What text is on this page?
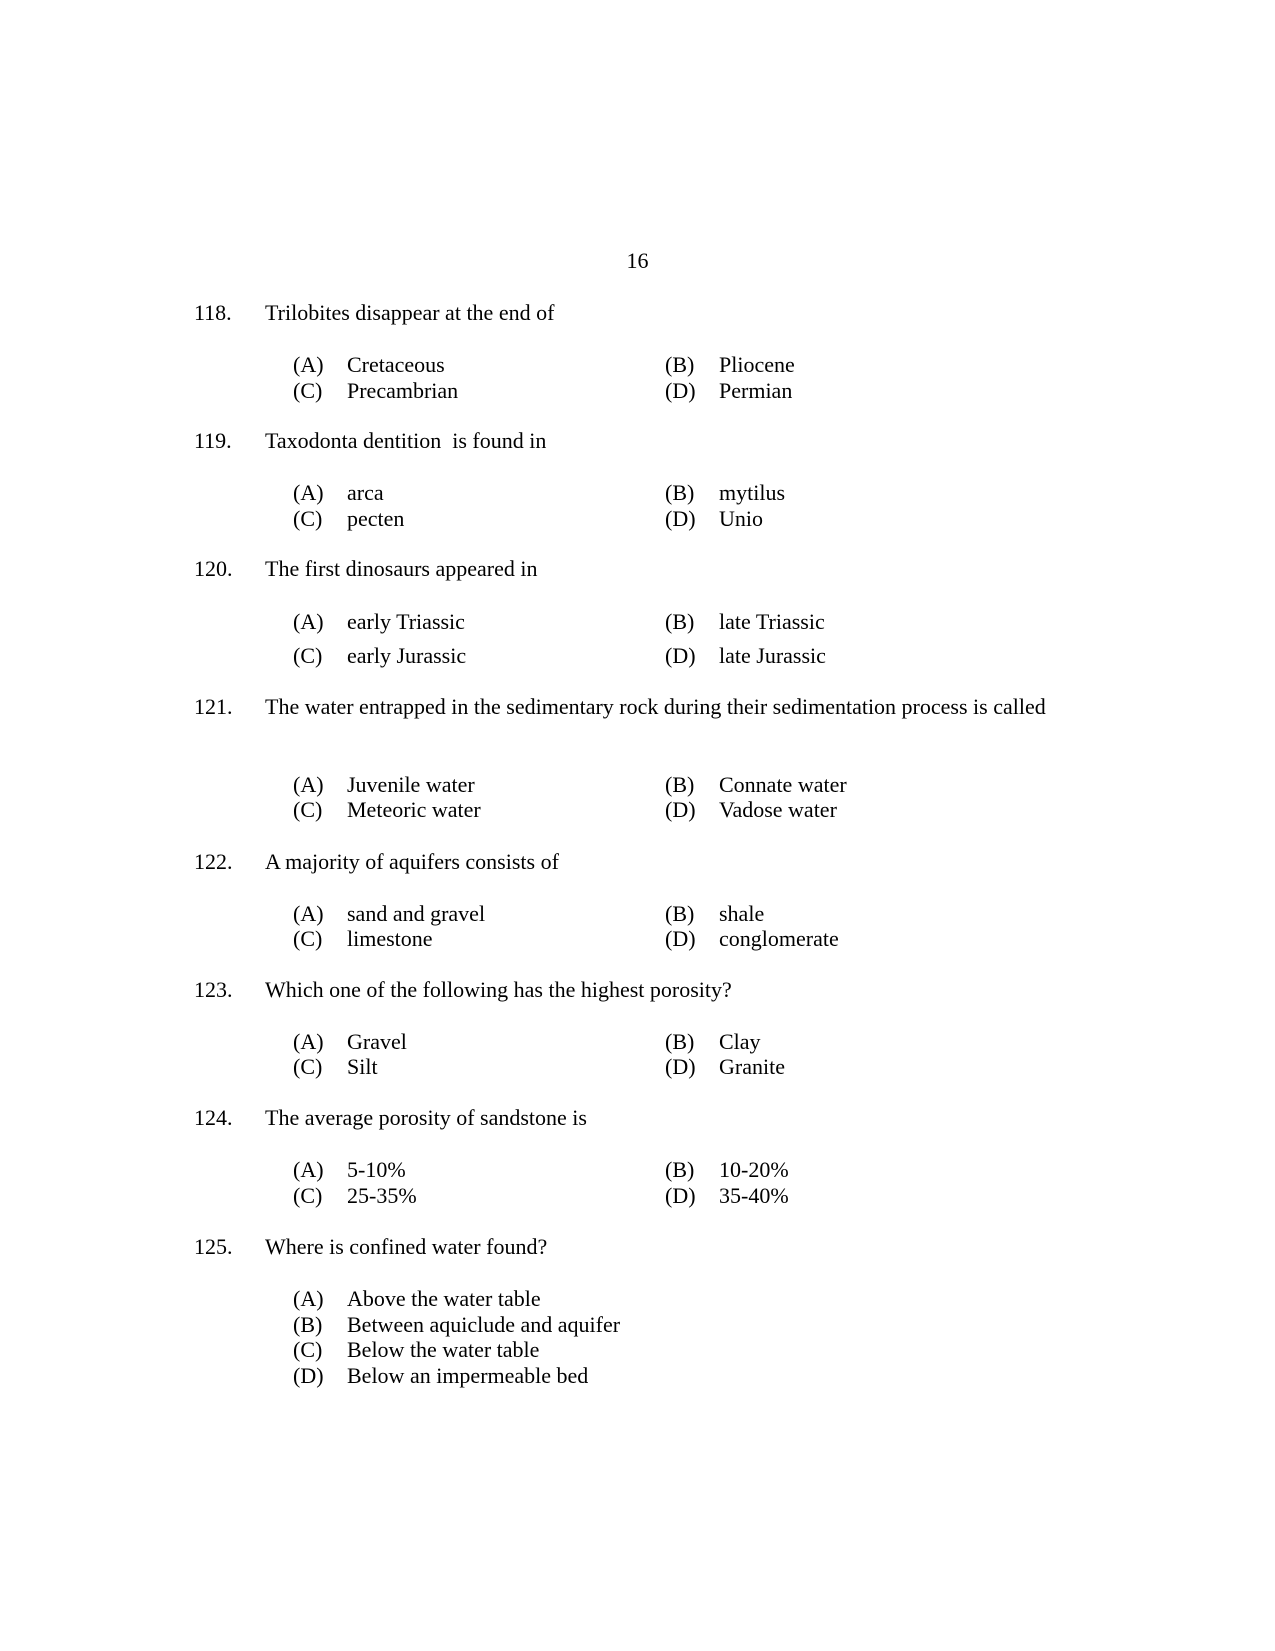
16
118. Trilobites disappear at the end of
(A) Cretaceous	(B) Pliocene
(C) Precambrian	(D) Permian
119. Taxodonta dentition  is found in
(A) arca	(B) mytilus
(C) pecten	(D) Unio
120. The first dinosaurs appeared in
(A) early Triassic	(B) late Triassic
(C) early Jurassic	(D) late Jurassic
121. The water entrapped in the sedimentary rock during their sedimentation process is called
(A) Juvenile water	(B) Connate water
(C) Meteoric water	(D) Vadose water
122. A majority of aquifers consists of
(A) sand and gravel	(B) shale
(C) limestone	(D) conglomerate
123. Which one of the following has the highest porosity?
(A) Gravel	(B) Clay
(C) Silt	(D) Granite
124. The average porosity of sandstone is
(A) 5-10%	(B) 10-20%
(C) 25-35%	(D) 35-40%
125. Where is confined water found?
(A) Above the water table
(B) Between aquiclude and aquifer
(C) Below the water table
(D) Below an impermeable bed
